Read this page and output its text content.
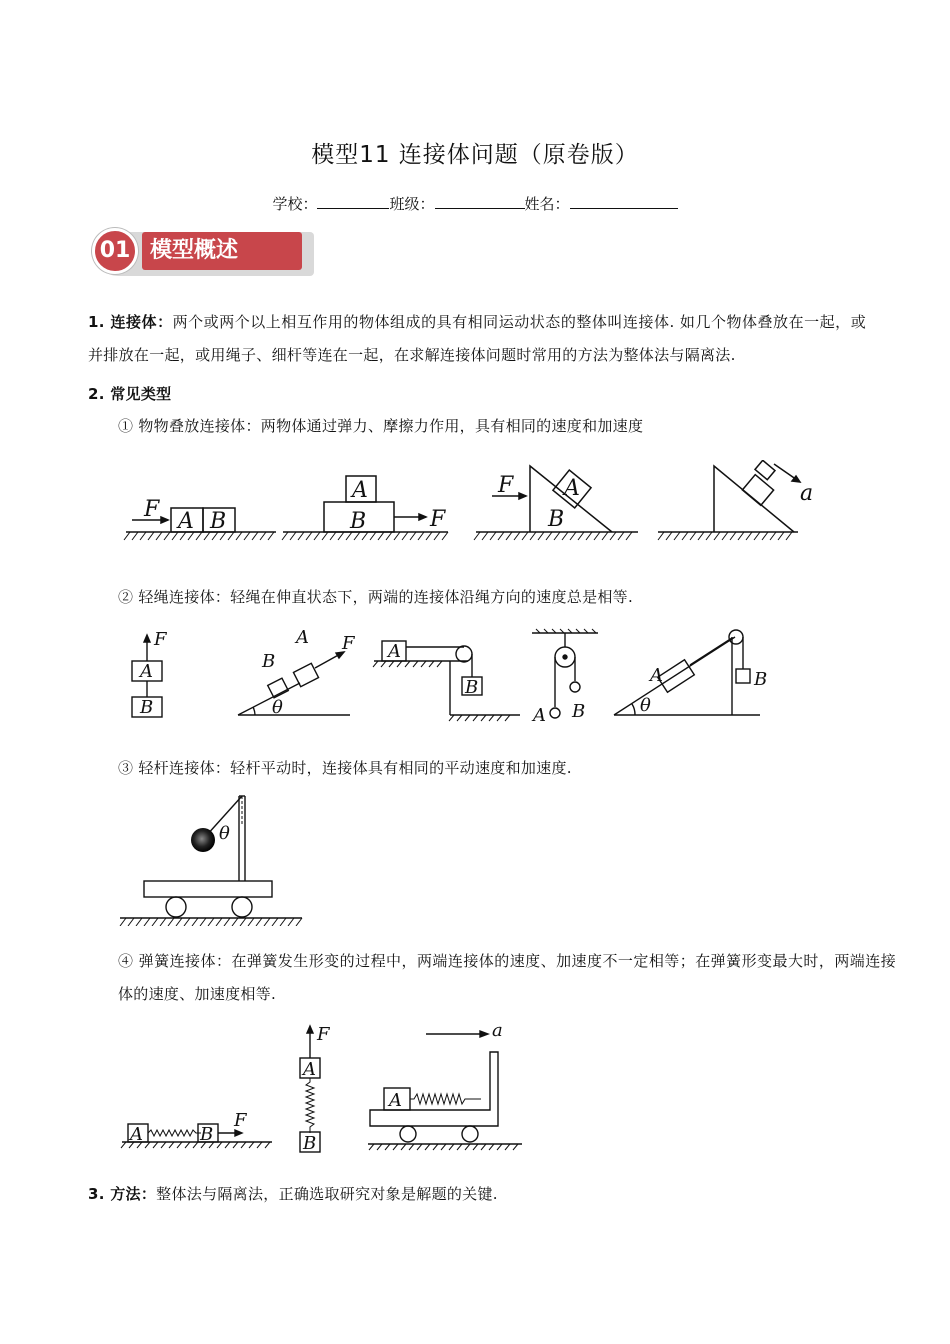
模型11 连接体问题（原卷版）
学校：	班级：	姓名：
模型概述
01
1. 连接体：两个或两个以上相互作用的物体组成的具有相同运动状态的整体叫连接体. 如几个物体叠放在一起，或并排放在一起，或用绳子、细杆等连在一起，在求解连接体问题时常用的方法为整体法与隔离法.
2. 常见类型
① 物物叠放连接体：两物体通过弹力、摩擦力作用，具有相同的速度和加速度
F A B
A
B	F
F A
B
a
② 轻绳连接体：轻绳在伸直状态下，两端的连接体沿绳方向的速度总是相等.
F
A
B
B
A F
θ
A
B
A B
A
θ
B
③ 轻杆连接体：轻杆平动时，连接体具有相同的平动速度和加速度.
θ
④ 弹簧连接体：在弹簧发生形变的过程中，两端连接体的速度、加速度不一定相等；在弹簧形变最大时，两端连接体的速度、加速度相等.
A	B
F
F
A
B
A
a
3. 方法：整体法与隔离法，正确选取研究对象是解题的关键.
